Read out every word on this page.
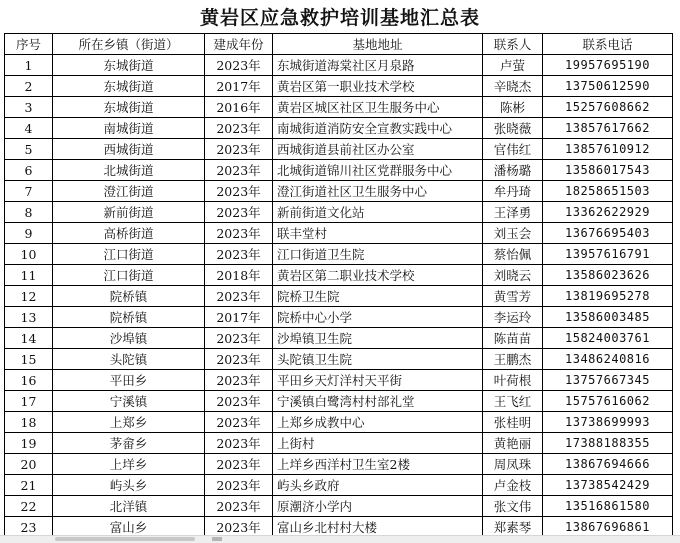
黄岩区应急救护培训基地汇总表
序号	所在乡镇（街道）	建成年份	基地地址	联系人	联系电话
1	东城街道	2023年	东城街道海棠社区月泉路	卢萤	19957695190
2	东城街道	2017年	黄岩区第一职业技术学校	辛晓杰	13750612590
3	东城街道	2016年	黄岩区城区社区卫生服务中心	陈彬	15257608662
4	南城街道	2023年	南城街道消防安全宣教实践中心	张晓薇	13857617662
5	西城街道	2023年	西城街道县前社区办公室	官伟红	13857610912
6	北城街道	2023年	北城街道锦川社区党群服务中心	潘杨璐	13586017543
7	澄江街道	2023年	澄江街道社区卫生服务中心	牟丹琦	18258651503
8	新前街道	2023年	新前街道文化站	王泽勇	13362622929
9	高桥街道	2023年	联丰堂村	刘玉会	13676695403
10	江口街道	2023年	江口街道卫生院	蔡怡佩	13957616791
11	江口街道	2018年	黄岩区第二职业技术学校	刘晓云	13586023626
12	院桥镇	2023年	院桥卫生院	黄雪芳	13819695278
13	院桥镇	2017年	院桥中心小学	李运玲	13586003485
14	沙埠镇	2023年	沙埠镇卫生院	陈苗苗	15824003761
15	头陀镇	2023年	头陀镇卫生院	王鹏杰	13486240816
16	平田乡	2023年	平田乡天灯洋村天平街	叶荷根	13757667345
17	宁溪镇	2023年	宁溪镇白鹭湾村村部礼堂	王飞红	15757616062
18	上郑乡	2023年	上郑乡成教中心	张桂明	13738699993
19	茅畲乡	2023年	上街村	黄艳丽	17388188355
20	上垟乡	2023年	上垟乡西洋村卫生室2楼	周凤珠	13867694666
21	屿头乡	2023年	屿头乡政府	卢金枝	13738542429
22	北洋镇	2023年	原潮济小学内	张文伟	13516861580
23	富山乡	2023年	富山乡北村村大楼	郑素琴	13867696861
